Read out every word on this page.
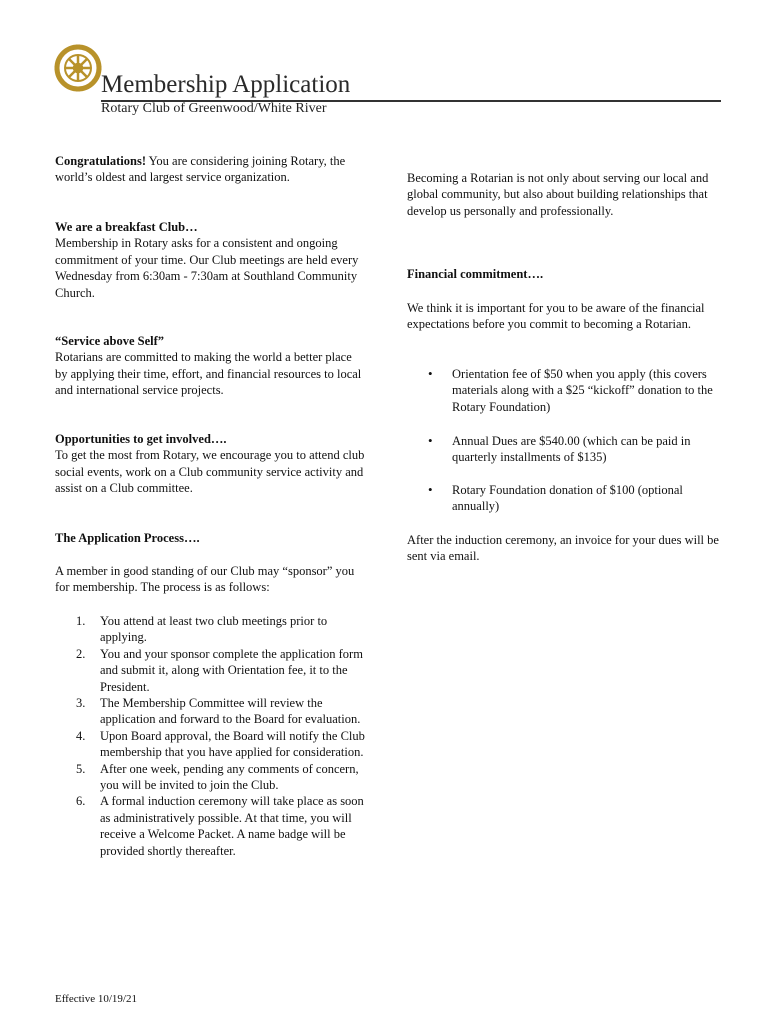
Membership Application
Rotary Club of Greenwood/White River
Congratulations! You are considering joining Rotary, the world’s oldest and largest service organization.
We are a breakfast Club…
Membership in Rotary asks for a consistent and ongoing commitment of your time. Our Club meetings are held every Wednesday from 6:30am - 7:30am at Southland Community Church.
“Service above Self”
Rotarians are committed to making the world a better place by applying their time, effort, and financial resources to local and international service projects.
Opportunities to get involved….
To get the most from Rotary, we encourage you to attend club social events, work on a Club community service activity and assist on a Club committee.
The Application Process….
A member in good standing of our Club may “sponsor” you for membership. The process is as follows:
1. You attend at least two club meetings prior to applying.
2. You and your sponsor complete the application form and submit it, along with Orientation fee, it to the President.
3. The Membership Committee will review the application and forward to the Board for evaluation.
4. Upon Board approval, the Board will notify the Club membership that you have applied for consideration.
5. After one week, pending any comments of concern, you will be invited to join the Club.
6. A formal induction ceremony will take place as soon as administratively possible. At that time, you will receive a Welcome Packet. A name badge will be provided shortly thereafter.
Becoming a Rotarian is not only about serving our local and global community, but also about building relationships that develop us personally and professionally.
Financial commitment….
We think it is important for you to be aware of the financial expectations before you commit to becoming a Rotarian.
• Orientation fee of $50 when you apply (this covers materials along with a $25 “kickoff” donation to the Rotary Foundation)
• Annual Dues are $540.00 (which can be paid in quarterly installments of $135)
• Rotary Foundation donation of $100 (optional annually)
After the induction ceremony, an invoice for your dues will be sent via email.
Effective 10/19/21
